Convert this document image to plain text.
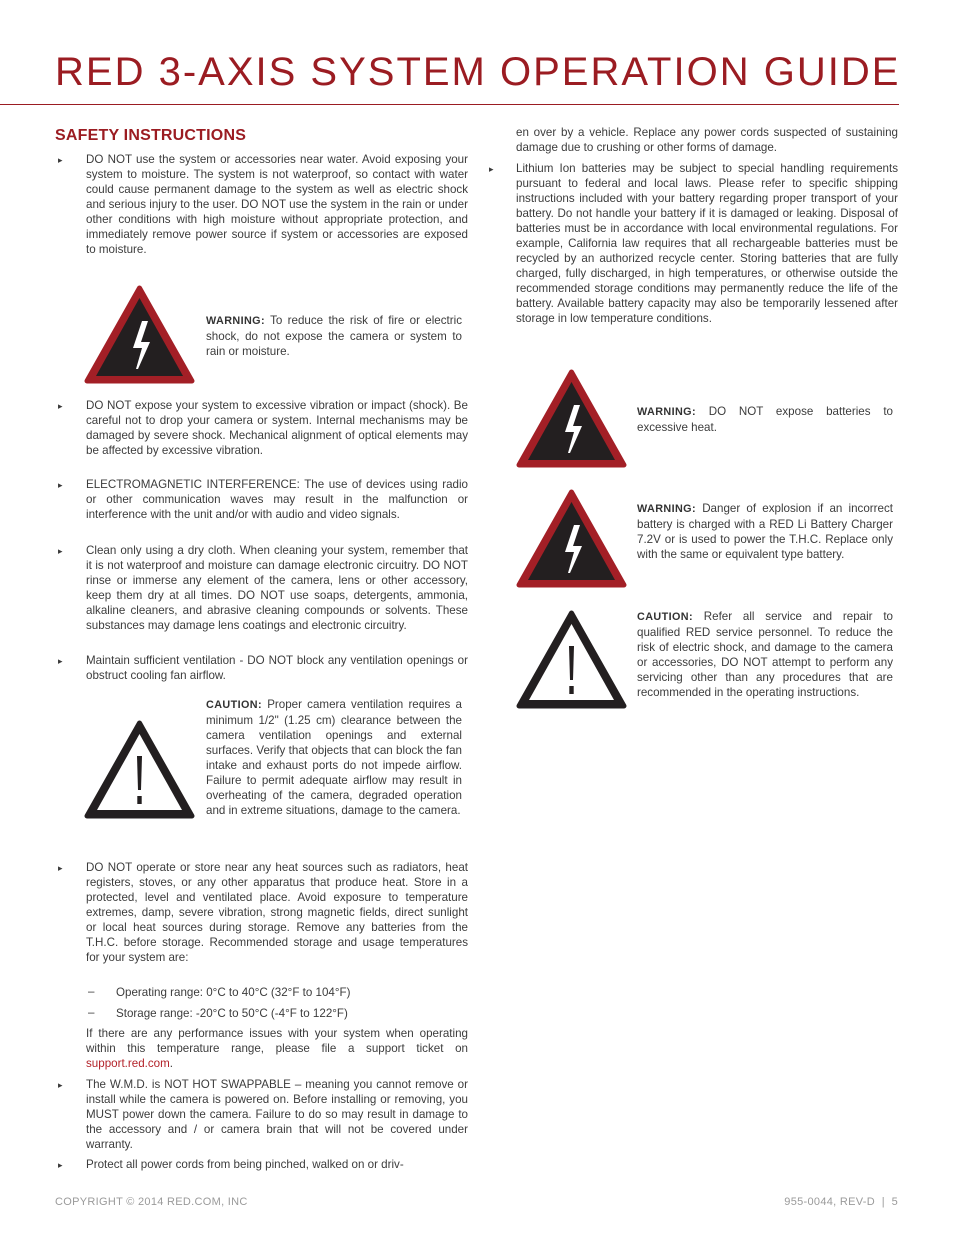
RED 3-AXIS SYSTEM OPERATION GUIDE
SAFETY INSTRUCTIONS
▸ DO NOT use the system or accessories near water. Avoid exposing your system to moisture. The system is not waterproof, so contact with water could cause permanent damage to the system as well as electric shock and serious injury to the user. DO NOT use the system in the rain or under other conditions with high moisture without appropriate protection, and immediately remove power source if system or accessories are exposed to moisture.

WARNING: To reduce the risk of fire or electric shock, do not expose the camera or system to rain or moisture.

▸ DO NOT expose your system to excessive vibration or impact (shock). Be careful not to drop your camera or system. Internal mechanisms may be damaged by severe shock. Mechanical alignment of optical elements may be affected by excessive vibration.

▸ ELECTROMAGNETIC INTERFERENCE: The use of devices using radio or other communication waves may result in the malfunction or interference with the unit and/or with audio and video signals.

▸ Clean only using a dry cloth. When cleaning your system, remember that it is not waterproof and moisture can damage electronic circuitry. DO NOT rinse or immerse any element of the camera, lens or other accessory, keep them dry at all times. DO NOT use soaps, detergents, ammonia, alkaline cleaners, and abrasive cleaning compounds or solvents. These substances may damage lens coatings and electronic circuitry.

▸ Maintain sufficient ventilation - DO NOT block any ventilation openings or obstruct cooling fan airflow.

CAUTION: Proper camera ventilation requires a minimum 1/2" (1.25 cm) clearance between the camera ventilation openings and external surfaces. Verify that objects that can block the fan intake and exhaust ports do not impede airflow. Failure to permit adequate airflow may result in overheating of the camera, degraded operation and in extreme situations, damage to the camera.

▸ DO NOT operate or store near any heat sources such as radiators, heat registers, stoves, or any other apparatus that produce heat. Store in a protected, level and ventilated place. Avoid exposure to temperature extremes, damp, severe vibration, strong magnetic fields, direct sunlight or local heat sources during storage. Remove any batteries from the T.H.C. before storage. Recommended storage and usage temperatures for your system are:

– Operating range: 0°C to 40°C (32°F to 104°F)

– Storage range: -20°C to 50°C (-4°F to 122°F)

If there are any performance issues with your system when operating within this temperature range, please file a support ticket on support.red.com.

▸ The W.M.D. is NOT HOT SWAPPABLE – meaning you cannot remove or install while the camera is powered on. Before installing or removing, you MUST power down the camera. Failure to do so may result in damage to the accessory and / or camera brain that will not be covered under warranty.

▸ Protect all power cords from being pinched, walked on or driv-

en over by a vehicle. Replace any power cords suspected of sustaining damage due to crushing or other forms of damage.

▸ Lithium Ion batteries may be subject to special handling requirements pursuant to federal and local laws. Please refer to specific shipping instructions included with your battery regarding proper transport of your battery. Do not handle your battery if it is damaged or leaking. Disposal of batteries must be in accordance with local environmental regulations. For example, California law requires that all rechargeable batteries must be recycled by an authorized recycle center. Storing batteries that are fully charged, fully discharged, in high temperatures, or otherwise outside the recommended storage conditions may permanently reduce the life of the battery. Available battery capacity may also be temporarily lessened after storage in low temperature conditions.

WARNING: DO NOT expose batteries to excessive heat.

WARNING: Danger of explosion if an incorrect battery is charged with a RED Li Battery Charger 7.2V or is used to power the T.H.C. Replace only with the same or equivalent type battery.

CAUTION: Refer all service and repair to qualified RED service personnel. To reduce the risk of electric shock, and damage to the camera or accessories, DO NOT attempt to perform any servicing other than any procedures that are recommended in the operating instructions.

COPYRIGHT © 2014 RED.COM, INC	955-0044, REV-D  |  5
